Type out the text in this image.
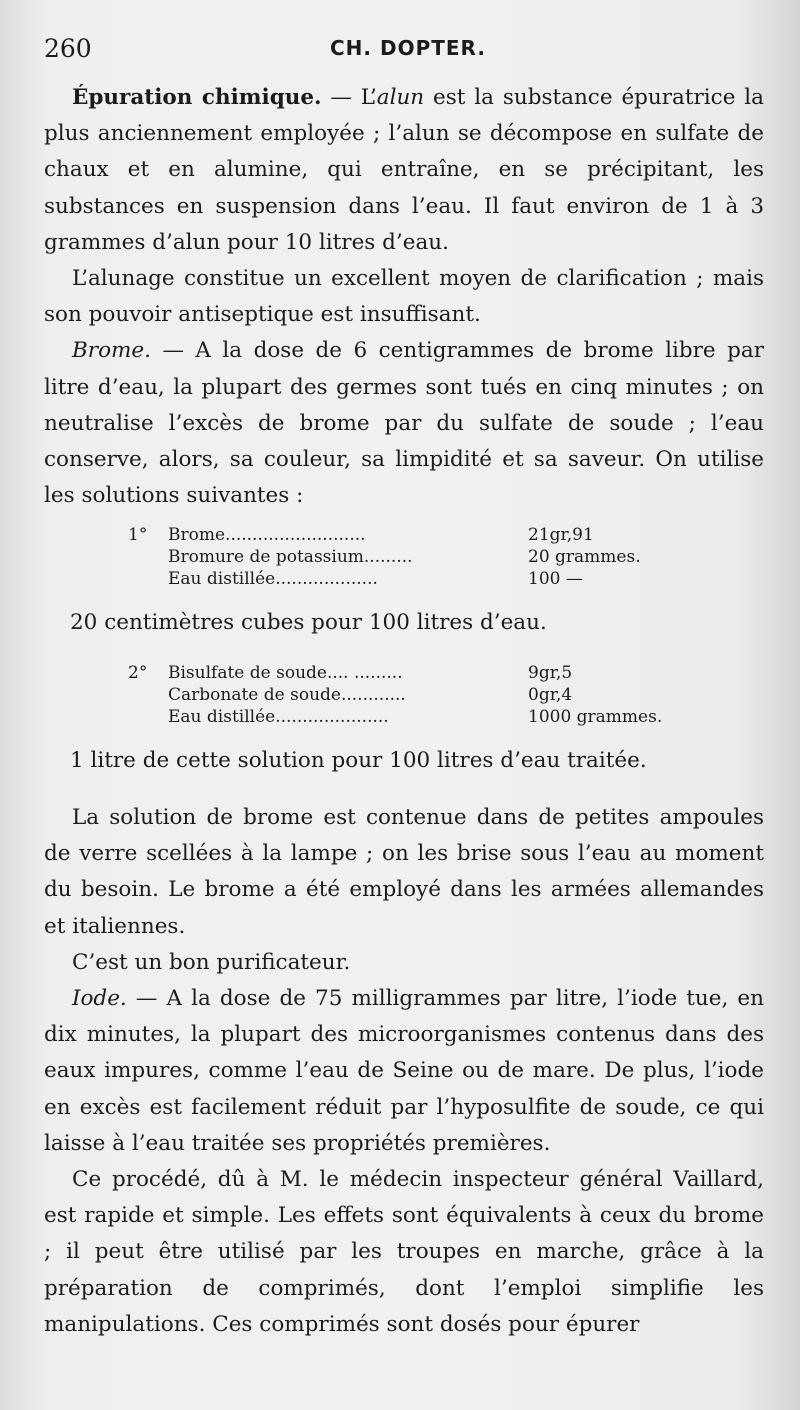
260	CH. DOPTER.

Épuration chimique. — L’alun est la substance épuratrice la plus anciennement employée ; l’alun se décompose en sulfate de chaux et en alumine, qui entraîne, en se précipitant, les substances en suspension dans l’eau. Il faut environ de 1 à 3 grammes d’alun pour 10 litres d’eau.

L’alunage constitue un excellent moyen de clarification ; mais son pouvoir antiseptique est insuffisant.

Brome. — A la dose de 6 centigrammes de brome libre par litre d’eau, la plupart des germes sont tués en cinq minutes ; on neutralise l’excès de brome par du sulfate de soude ; l’eau conserve, alors, sa couleur, sa limpidité et sa saveur. On utilise les solutions suivantes :

1° Brome..........................	21gr,91
Bromure de potassium.........	20 grammes.
Eau distillée...................	100 —
20 centimètres cubes pour 100 litres d’eau.
2° Bisulfate de soude.... .........	9gr,5
Carbonate de soude............	0gr,4
Eau distillée.....................	1000 grammes.
1 litre de cette solution pour 100 litres d’eau traitée.

La solution de brome est contenue dans de petites ampoules de verre scellées à la lampe ; on les brise sous l’eau au moment du besoin. Le brome a été employé dans les armées allemandes et italiennes.

C’est un bon purificateur.

Iode. — A la dose de 75 milligrammes par litre, l’iode tue, en dix minutes, la plupart des microorganismes contenus dans des eaux impures, comme l’eau de Seine ou de mare. De plus, l’iode en excès est facilement réduit par l’hyposulfite de soude, ce qui laisse à l’eau traitée ses propriétés premières.

Ce procédé, dû à M. le médecin inspecteur général Vaillard, est rapide et simple. Les effets sont équivalents à ceux du brome ; il peut être utilisé par les troupes en marche, grâce à la préparation de comprimés, dont l’emploi simplifie les manipulations. Ces comprimés sont dosés pour épurer
